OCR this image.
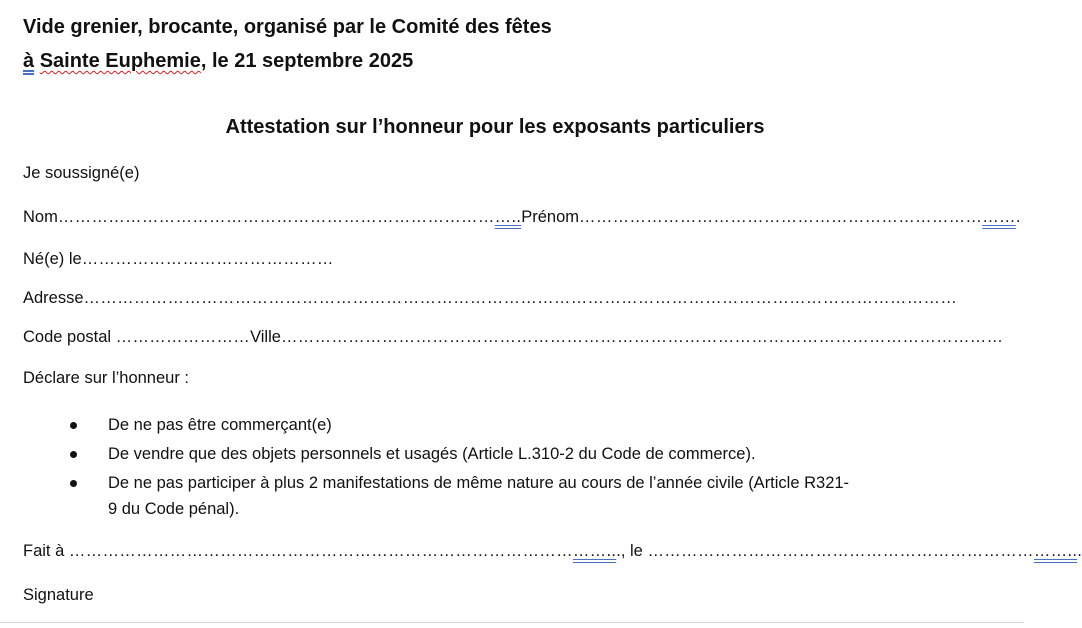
Vide grenier, brocante, organisé par le Comité des fêtes
à Sainte Euphemie, le 21 septembre 2025
Attestation sur l’honneur pour les exposants particuliers
Je soussigné(e)
Nom………………………………………………………………………..Prénom…………………………………………………………………….
Né(e) le………………………………………
Adresse…………………………………………………………………………………………………………………………………………
Code postal ……………………Ville…………………………………………………………………………………………………………………
Déclare sur l’honneur :
De ne pas être commerçant(e)
De vendre que des objets personnels et usagés (Article L.310-2 du Code de commerce).
De ne pas participer à plus 2 manifestations de même nature au cours de l’année civile (Article R321-
9 du Code pénal).
Fait à ……………………………………………………………………………………..., le …………………………………………………………………...
Signature
